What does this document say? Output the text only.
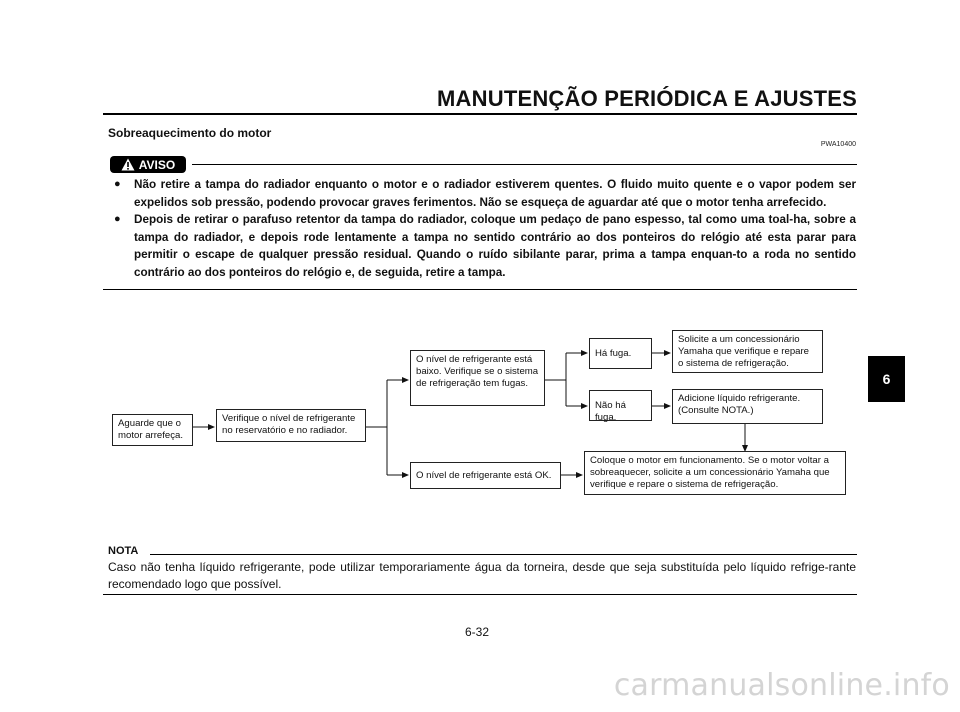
MANUTENÇÃO PERIÓDICA E AJUSTES
Sobreaquecimento do motor
PWA10400
AVISO
● Não retire a tampa do radiador enquanto o motor e o radiador estiverem quentes. O fluido muito quente e o vapor podem ser expelidos sob pressão, podendo provocar graves ferimentos. Não se esqueça de aguardar até que o motor tenha arrefecido.
● Depois de retirar o parafuso retentor da tampa do radiador, coloque um pedaço de pano espesso, tal como uma toal-ha, sobre a tampa do radiador, e depois rode lentamente a tampa no sentido contrário ao dos ponteiros do relógio até esta parar para permitir o escape de qualquer pressão residual. Quando o ruído sibilante parar, prima a tampa enquan-to a roda no sentido contrário ao dos ponteiros do relógio e, de seguida, retire a tampa.
Aguarde que o motor arrefeça.
Verifique o nível de refrigerante no reservatório e no radiador.
O nível de refrigerante está baixo. Verifique se o sistema de refrigeração tem fugas.
O nível de refrigerante está OK.
Há fuga.
Não há fuga.
Solicite a um concessionário Yamaha que verifique e repare o sistema de refrigeração.
Adicione líquido refrigerante. (Consulte NOTA.)
Coloque o motor em funcionamento. Se o motor voltar a sobreaquecer, solicite a um concessionário Yamaha que verifique e repare o sistema de refrigeração.
NOTA
Caso não tenha líquido refrigerante, pode utilizar temporariamente água da torneira, desde que seja substituída pelo líquido refrige-rante recomendado logo que possível.
6-32
6
carmanualsonline.info
